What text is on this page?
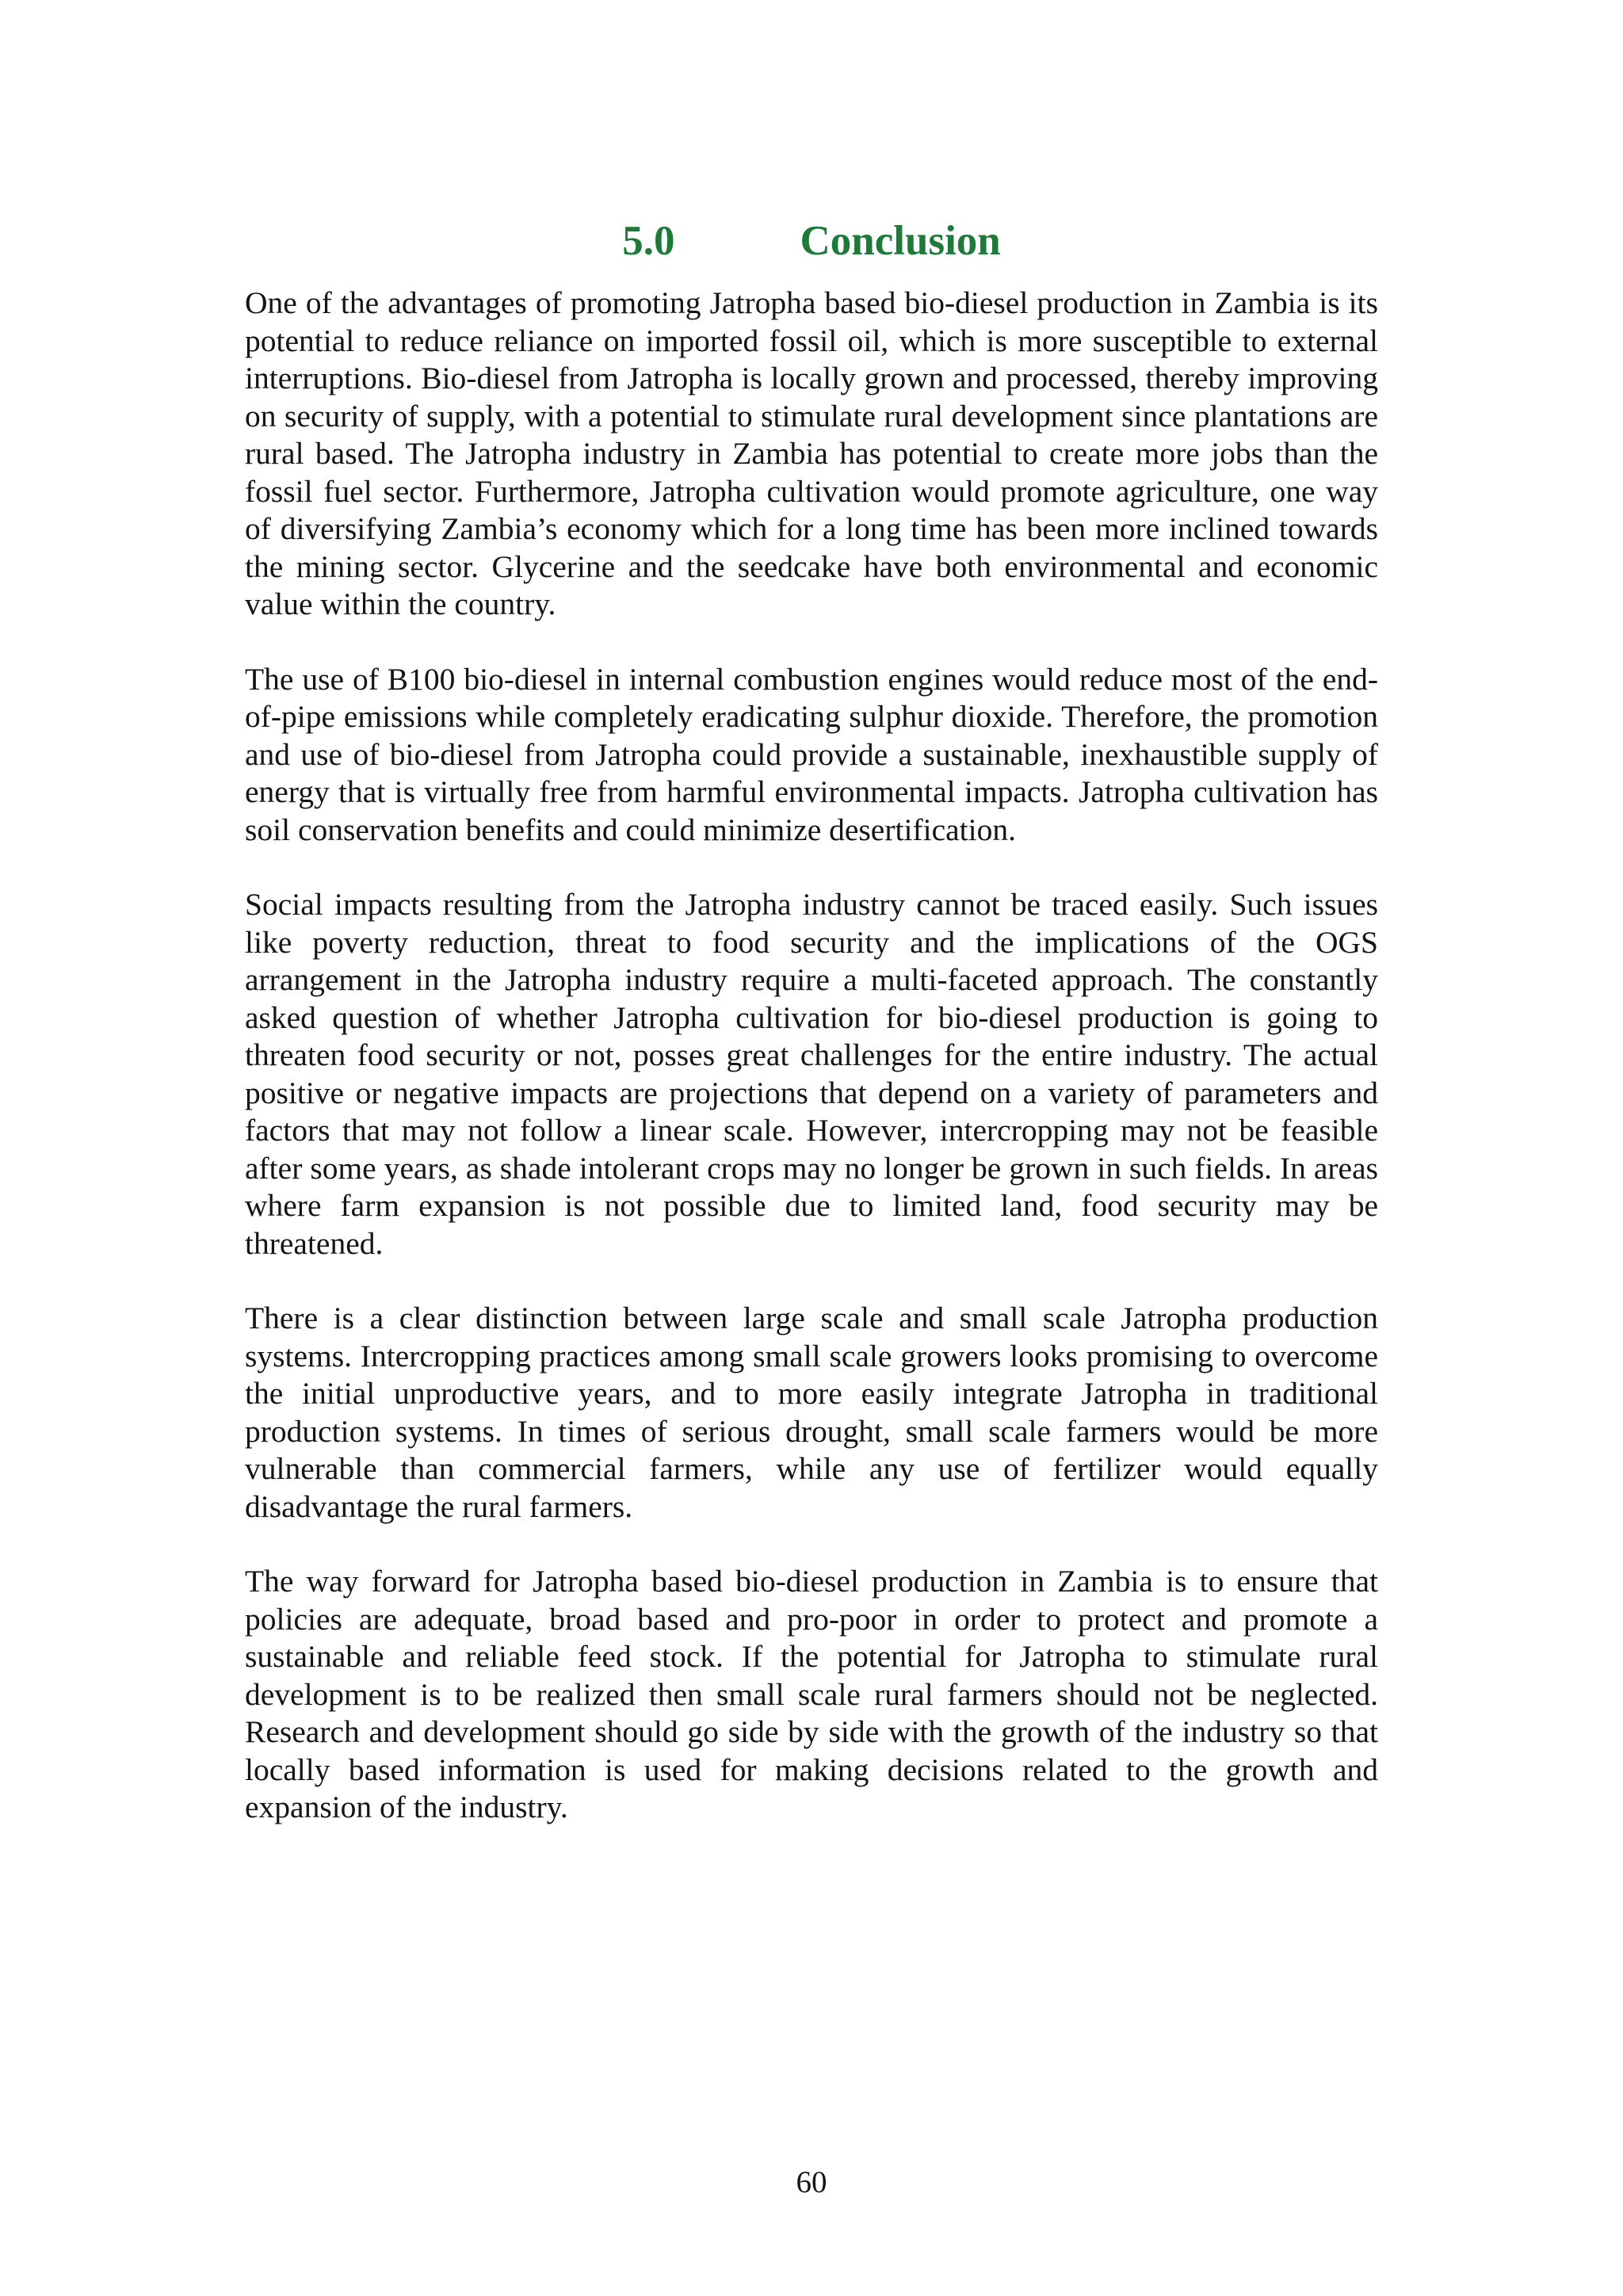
5.0	Conclusion

One of the advantages of promoting Jatropha based bio-diesel production in Zambia is its potential to reduce reliance on imported fossil oil, which is more susceptible to external interruptions. Bio-diesel from Jatropha is locally grown and processed, thereby improving on security of supply, with a potential to stimulate rural development since plantations are rural based. The Jatropha industry in Zambia has potential to create more jobs than the fossil fuel sector. Furthermore, Jatropha cultivation would promote agriculture, one way of diversifying Zambia’s economy which for a long time has been more inclined towards the mining sector. Glycerine and the seedcake have both environmental and economic value within the country.

The use of B100 bio-diesel in internal combustion engines would reduce most of the end-of-pipe emissions while completely eradicating sulphur dioxide. Therefore, the promotion and use of bio-diesel from Jatropha could provide a sustainable, inexhaustible supply of energy that is virtually free from harmful environmental impacts. Jatropha cultivation has soil conservation benefits and could minimize desertification.

Social impacts resulting from the Jatropha industry cannot be traced easily. Such issues like poverty reduction, threat to food security and the implications of the OGS arrangement in the Jatropha industry require a multi-faceted approach. The constantly asked question of whether Jatropha cultivation for bio-diesel production is going to threaten food security or not, posses great challenges for the entire industry. The actual positive or negative impacts are projections that depend on a variety of parameters and factors that may not follow a linear scale. However, intercropping may not be feasible after some years, as shade intolerant crops may no longer be grown in such fields. In areas where farm expansion is not possible due to limited land, food security may be threatened.

There is a clear distinction between large scale and small scale Jatropha production systems. Intercropping practices among small scale growers looks promising to overcome the initial unproductive years, and to more easily integrate Jatropha in traditional production systems. In times of serious drought, small scale farmers would be more vulnerable than commercial farmers, while any use of fertilizer would equally disadvantage the rural farmers.

The way forward for Jatropha based bio-diesel production in Zambia is to ensure that policies are adequate, broad based and pro-poor in order to protect and promote a sustainable and reliable feed stock. If the potential for Jatropha to stimulate rural development is to be realized then small scale rural farmers should not be neglected. Research and development should go side by side with the growth of the industry so that locally based information is used for making decisions related to the growth and expansion of the industry.

60
